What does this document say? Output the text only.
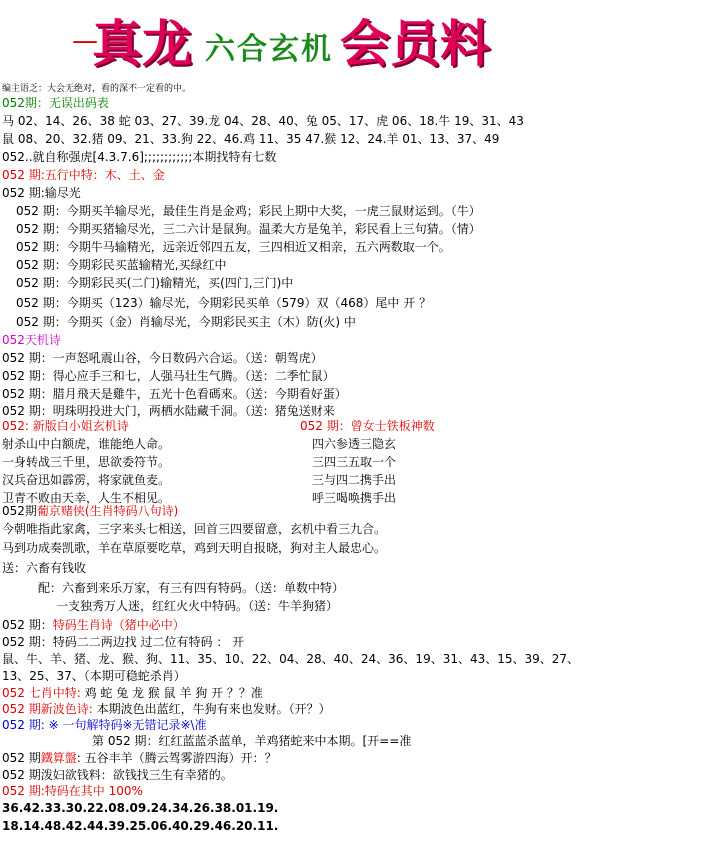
—
真龙 六合玄机 会员料
编主语乏：大会无绝对，看的深不一定看的中。
052期：无误出码表
马 02、14、26、38 蛇 03、27、39.龙 04、28、40、兔 05、17、虎 06、18.牛 19、31、43
鼠 08、20、32.猪 09、21、33.狗 22、46.鸡 11、35 47.猴 12、24.羊 01、13、37、49
052..就自称强虎[4.3.7.6];;;;;;;;;;;;本期找特有七数
052 期:五行中特：木、土、金
052 期:输尽光
052 期：今期买羊输尽光，最佳生肖是金鸡；彩民上期中大奖，一虎三鼠财运到。（牛）
052 期：今期买猪输尽光，三二六计是鼠狗。温柔大方是兔羊，彩民看上三句猜。（情）
052 期：今期牛马输精光，远亲近邻四五友，三四相近又相亲，五六两数取一个。
052 期：今期彩民买蓝输精光,买绿红中
052 期：今期彩民买(二门)输精光，买(四门,三门)中
052 期：今期买（123）输尽光，今期彩民买单（579）双（468）尾中 开 ？
052 期：今期买（金）肖输尽光，今期彩民买主（木）防(火) 中
052天机诗
052 期：一声怒吼震山谷，今日数码六合运。（送：朝驾虎）
052 期：得心应手三和七，人强马壮生气腾。（送：二季忙鼠）
052 期：腊月飛天是雞牛，五光十色看碼來。（送：今期看好蛋）
052 期：明珠明投进大门，两栖水陆藏千洞。（送：猪兔送财来
052: 新版白小姐玄机诗	052 期：曾女士铁板神数
射杀山中白额虎，谁能绝人命。
一身转战三千里，思欲委符节。
汉兵奋迅如霹雳，将家就鱼麦。
卫青不败由天幸，人生不相见。
四六参透三隐玄
三四三五取一个
三与四二携手出
呼三喝唤携手出
052期葡京赌侠(生肖特码八句诗)
今朝唯指此家禽，三字来头七相送，回首三四要留意，玄机中看三九合。
马到功成奏凯歌，羊在草原要吃草，鸡到天明自报晓，狗对主人最忠心。
送：六畜有钱收
配：六畜到来乐万家，有三有四有特码。（送：单数中特）
一支独秀万人迷，红红火火中特码。（送：牛羊狗猪）
052 期：特码生肖诗（猪中必中）
052 期：特码二二两边找 过二位有特码 ： 开
鼠、牛、羊、猪、龙、猴、狗、11、35、10、22、04、28、40、24、36、19、31、43、15、39、27、
13、25、37、（本期可稳蛇杀肖）
052 七肖中特: 鸡 蛇 兔 龙 猴 鼠 羊 狗 开 ？？准
052 期新波色诗: 本期波色出蓝红，牛狗有来也发财。（开？）
052 期: ※ 一句解特码※无错记录※\准
第 052 期：红红蓝蓝杀蓝单，羊鸡猪蛇来中本期。[开==准
052 期鐵算盤: 五谷丰羊（腾云驾雾游四海）开：？
052 期泼妇欲钱料：欲钱找三生有幸猪的。
052 期:特码在其中 100%
36.42.33.30.22.08.09.24.34.26.38.01.19.
18.14.48.42.44.39.25.06.40.29.46.20.11.
